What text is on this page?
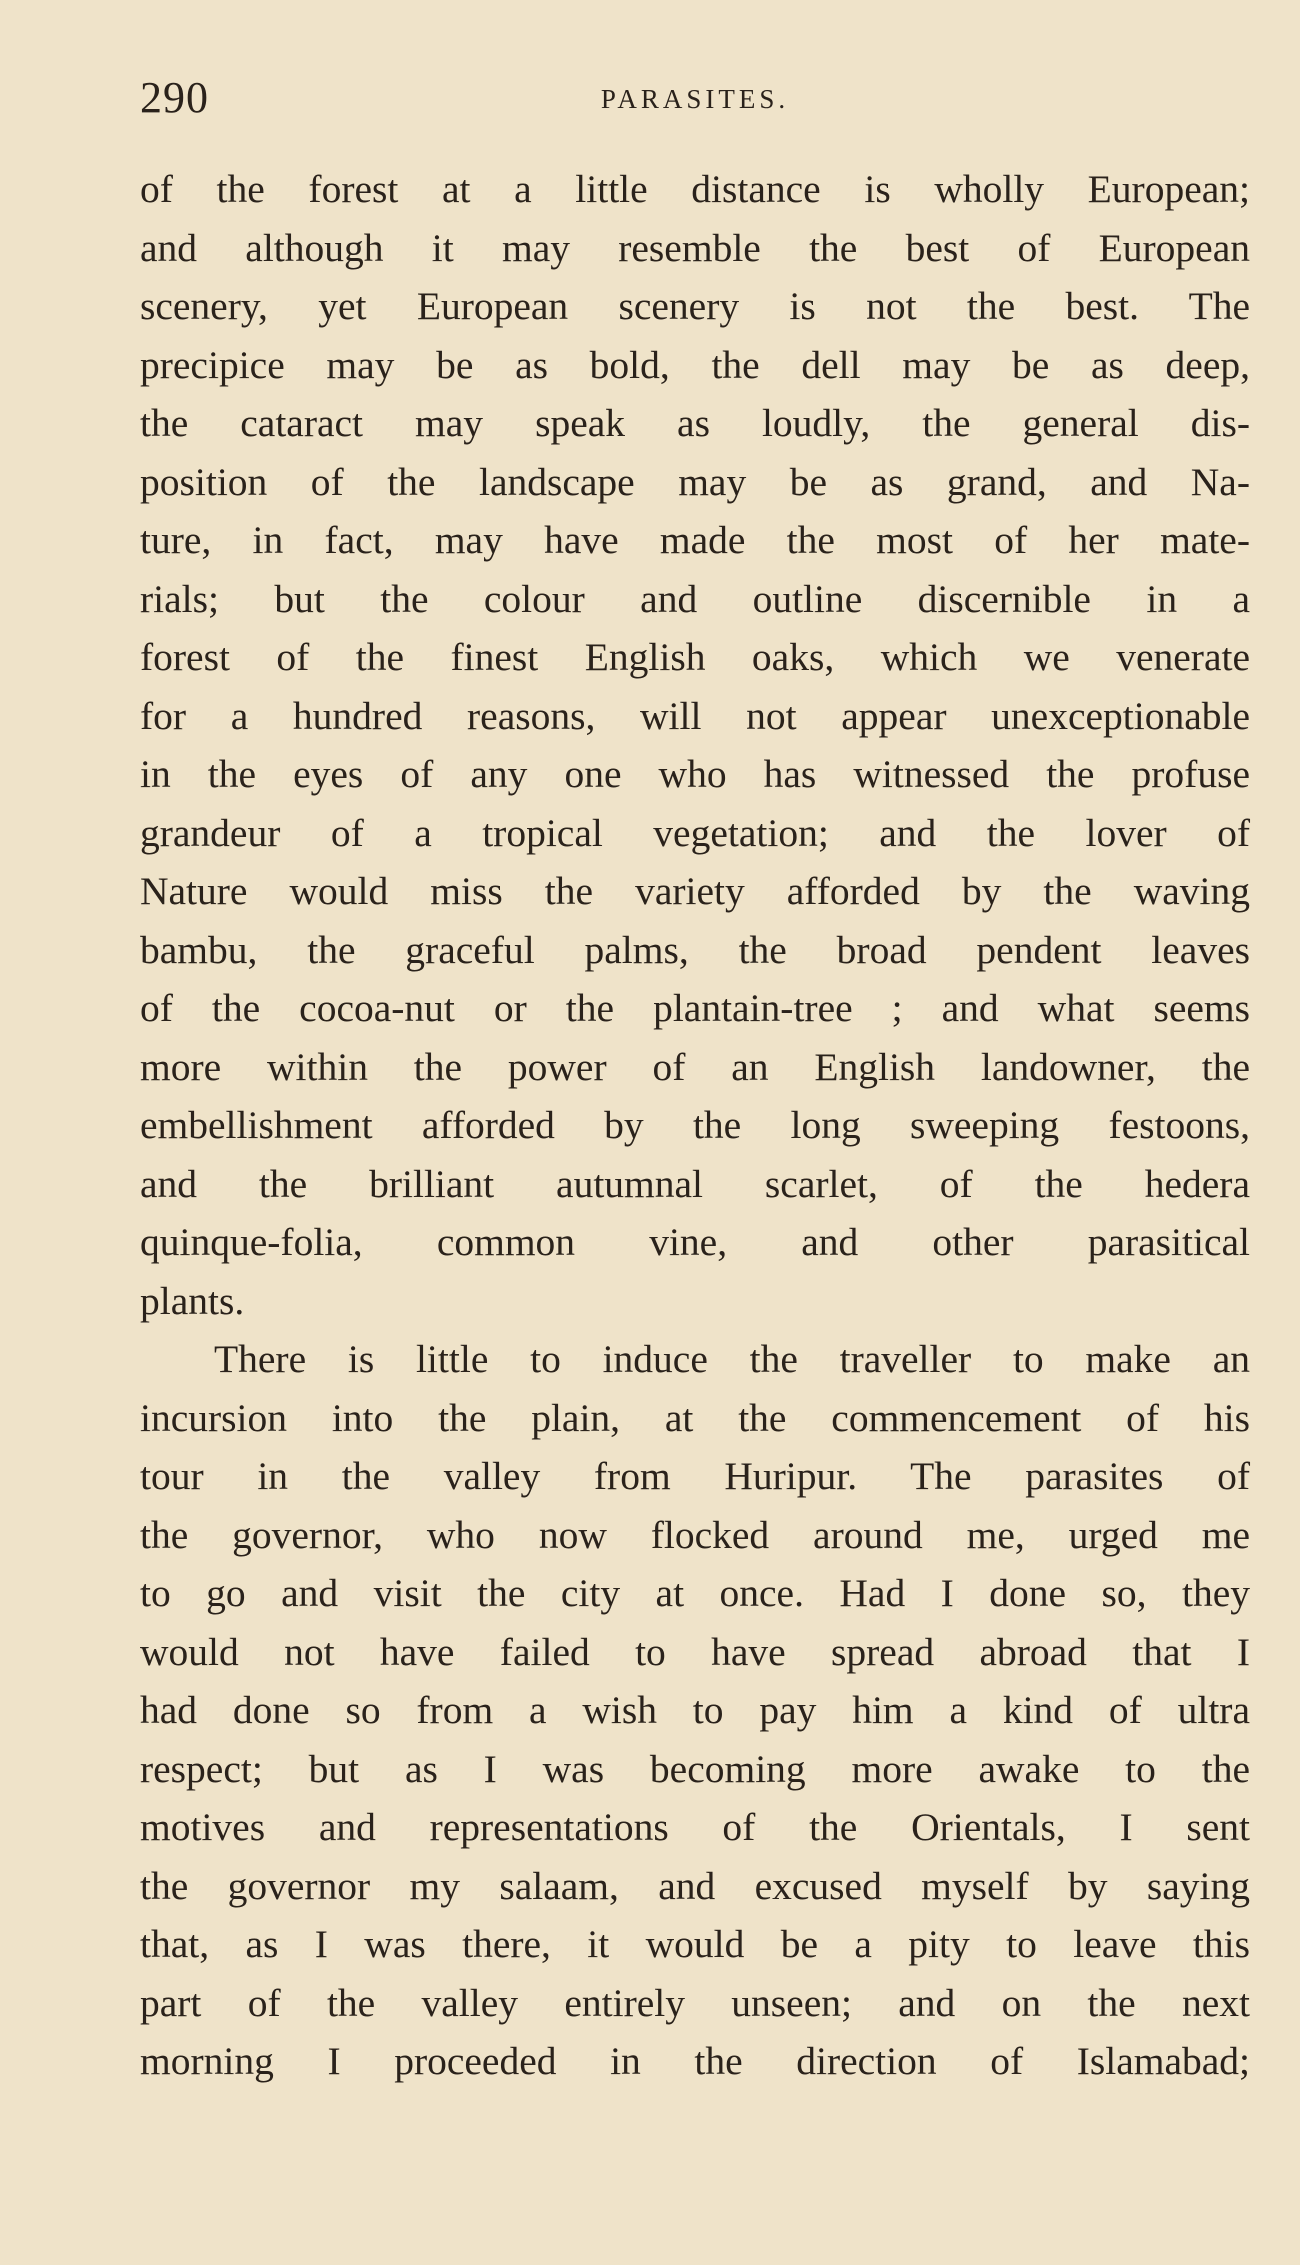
290	PARASITES.
of the forest at a little distance is wholly European;
and although it may resemble the best of European
scenery, yet European scenery is not the best. The
precipice may be as bold, the dell may be as deep,
the cataract may speak as loudly, the general dis-
position of the landscape may be as grand, and Na-
ture, in fact, may have made the most of her mate-
rials; but the colour and outline discernible in a
forest of the finest English oaks, which we venerate
for a hundred reasons, will not appear unexceptionable
in the eyes of any one who has witnessed the profuse
grandeur of a tropical vegetation; and the lover of
Nature would miss the variety afforded by the waving
bambu, the graceful palms, the broad pendent leaves
of the cocoa-nut or the plantain-tree ; and what seems
more within the power of an English landowner, the
embellishment afforded by the long sweeping festoons,
and the brilliant autumnal scarlet, of the hedera
quinque-folia, common vine, and other parasitical
plants.
There is little to induce the traveller to make an
incursion into the plain, at the commencement of his
tour in the valley from Huripur. The parasites of
the governor, who now flocked around me, urged me
to go and visit the city at once. Had I done so, they
would not have failed to have spread abroad that I
had done so from a wish to pay him a kind of ultra
respect; but as I was becoming more awake to the
motives and representations of the Orientals, I sent
the governor my salaam, and excused myself by saying
that, as I was there, it would be a pity to leave this
part of the valley entirely unseen; and on the next
morning I proceeded in the direction of Islamabad;
